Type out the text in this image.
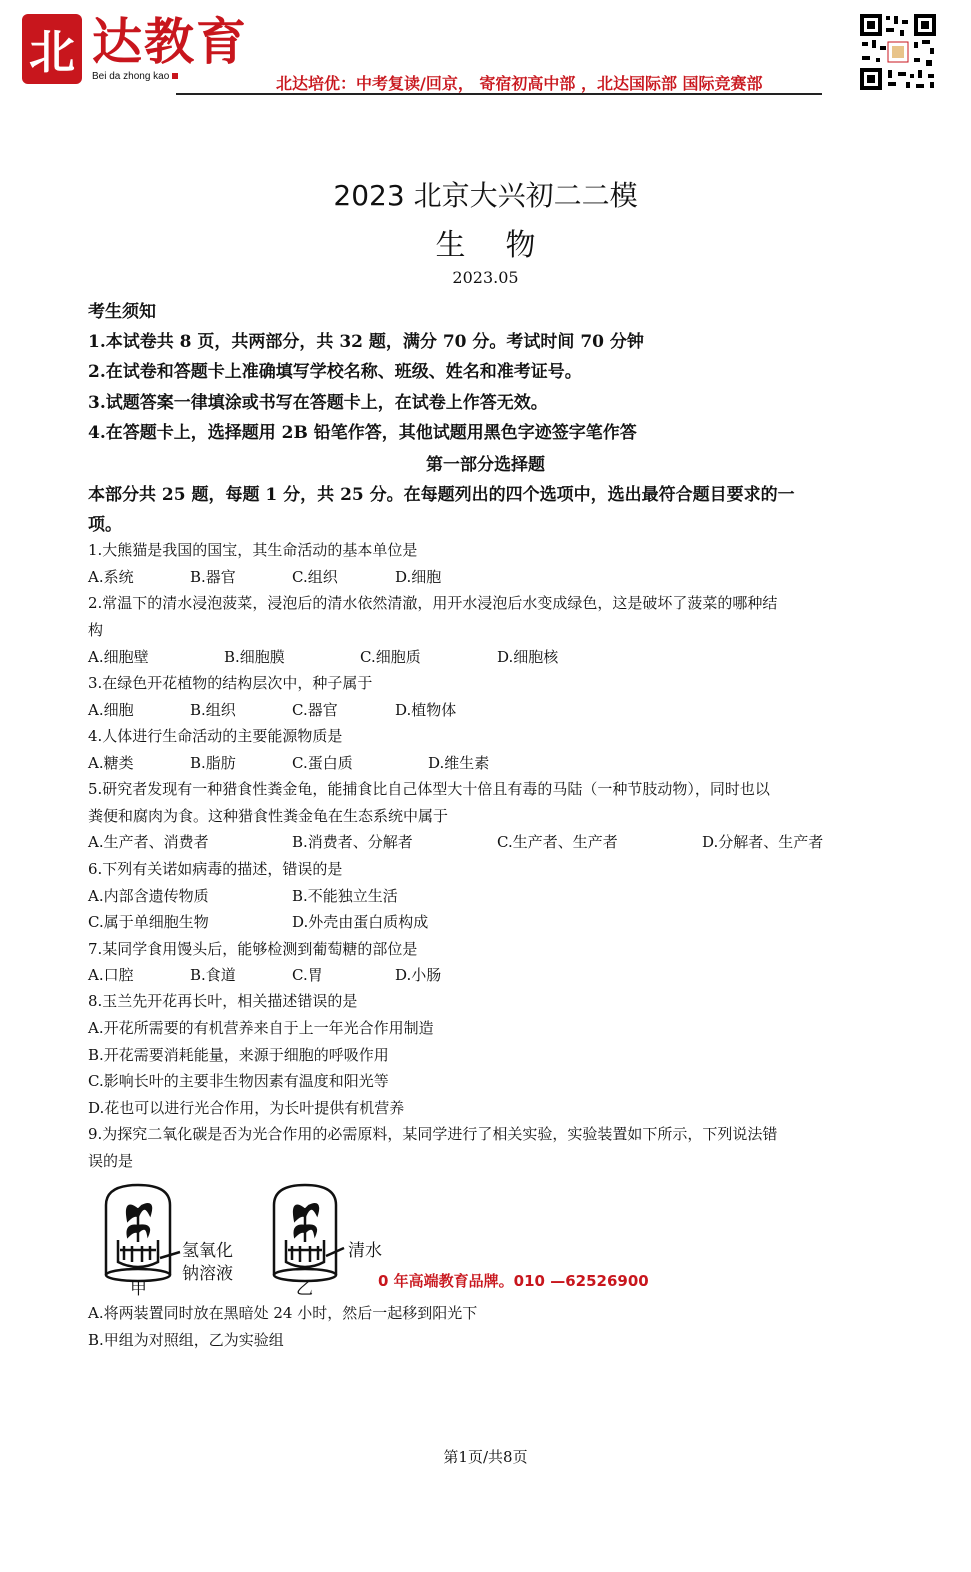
北 达教育
Bei da zhong kao	北达培优：中考复读/回京， 寄宿初高中部 ，北达国际部 国际竞赛部
2023 北京大兴初二二模
生物
2023.05
考生须知
1.本试卷共 8 页，共两部分，共 32 题，满分 70 分。考试时间 70 分钟
2.在试卷和答题卡上准确填写学校名称、班级、姓名和准考证号。
3.试题答案一律填涂或书写在答题卡上，在试卷上作答无效。
4.在答题卡上，选择题用 2B 铅笔作答，其他试题用黑色字迹签字笔作答
第一部分选择题
本部分共 25 题，每题 1 分，共 25 分。在每题列出的四个选项中，选出最符合题目要求的一
项。
1.大熊猫是我国的国宝，其生命活动的基本单位是
A.系统	B.器官	C.组织	D.细胞
2.常温下的清水浸泡菠菜，浸泡后的清水依然清澈，用开水浸泡后水变成绿色，这是破坏了菠菜的哪种结
构
A.细胞壁	B.细胞膜	C.细胞质	D.细胞核
3.在绿色开花植物的结构层次中，种子属于
A.细胞	B.组织	C.器官	D.植物体
4.人体进行生命活动的主要能源物质是
A.糖类	B.脂肪	C.蛋白质	D.维生素
5.研究者发现有一种猎食性粪金龟，能捕食比自己体型大十倍且有毒的马陆（一种节肢动物），同时也以
粪便和腐肉为食。这种猎食性粪金龟在生态系统中属于
A.生产者、消费者	B.消费者、分解者	C.生产者、生产者	D.分解者、生产者
6.下列有关诺如病毒的描述，错误的是
A.内部含遗传物质	B.不能独立生活
C.属于单细胞生物	D.外壳由蛋白质构成
7.某同学食用馒头后，能够检测到葡萄糖的部位是
A.口腔	B.食道	C.胃	D.小肠
8.玉兰先开花再长叶，相关描述错误的是
A.开花所需要的有机营养来自于上一年光合作用制造
B.开花需要消耗能量，来源于细胞的呼吸作用
C.影响长叶的主要非生物因素有温度和阳光等
D.花也可以进行光合作用，为长叶提供有机营养
9.为探究二氧化碳是否为光合作用的必需原料，某同学进行了相关实验，实验装置如下所示，下列说法错
误的是
氢氧化
钠溶液
清水
甲	乙	0 年高端教育品牌。010 —62526900
A.将两装置同时放在黑暗处 24 小时，然后一起移到阳光下
B.甲组为对照组，乙为实验组
第1页/共8页
